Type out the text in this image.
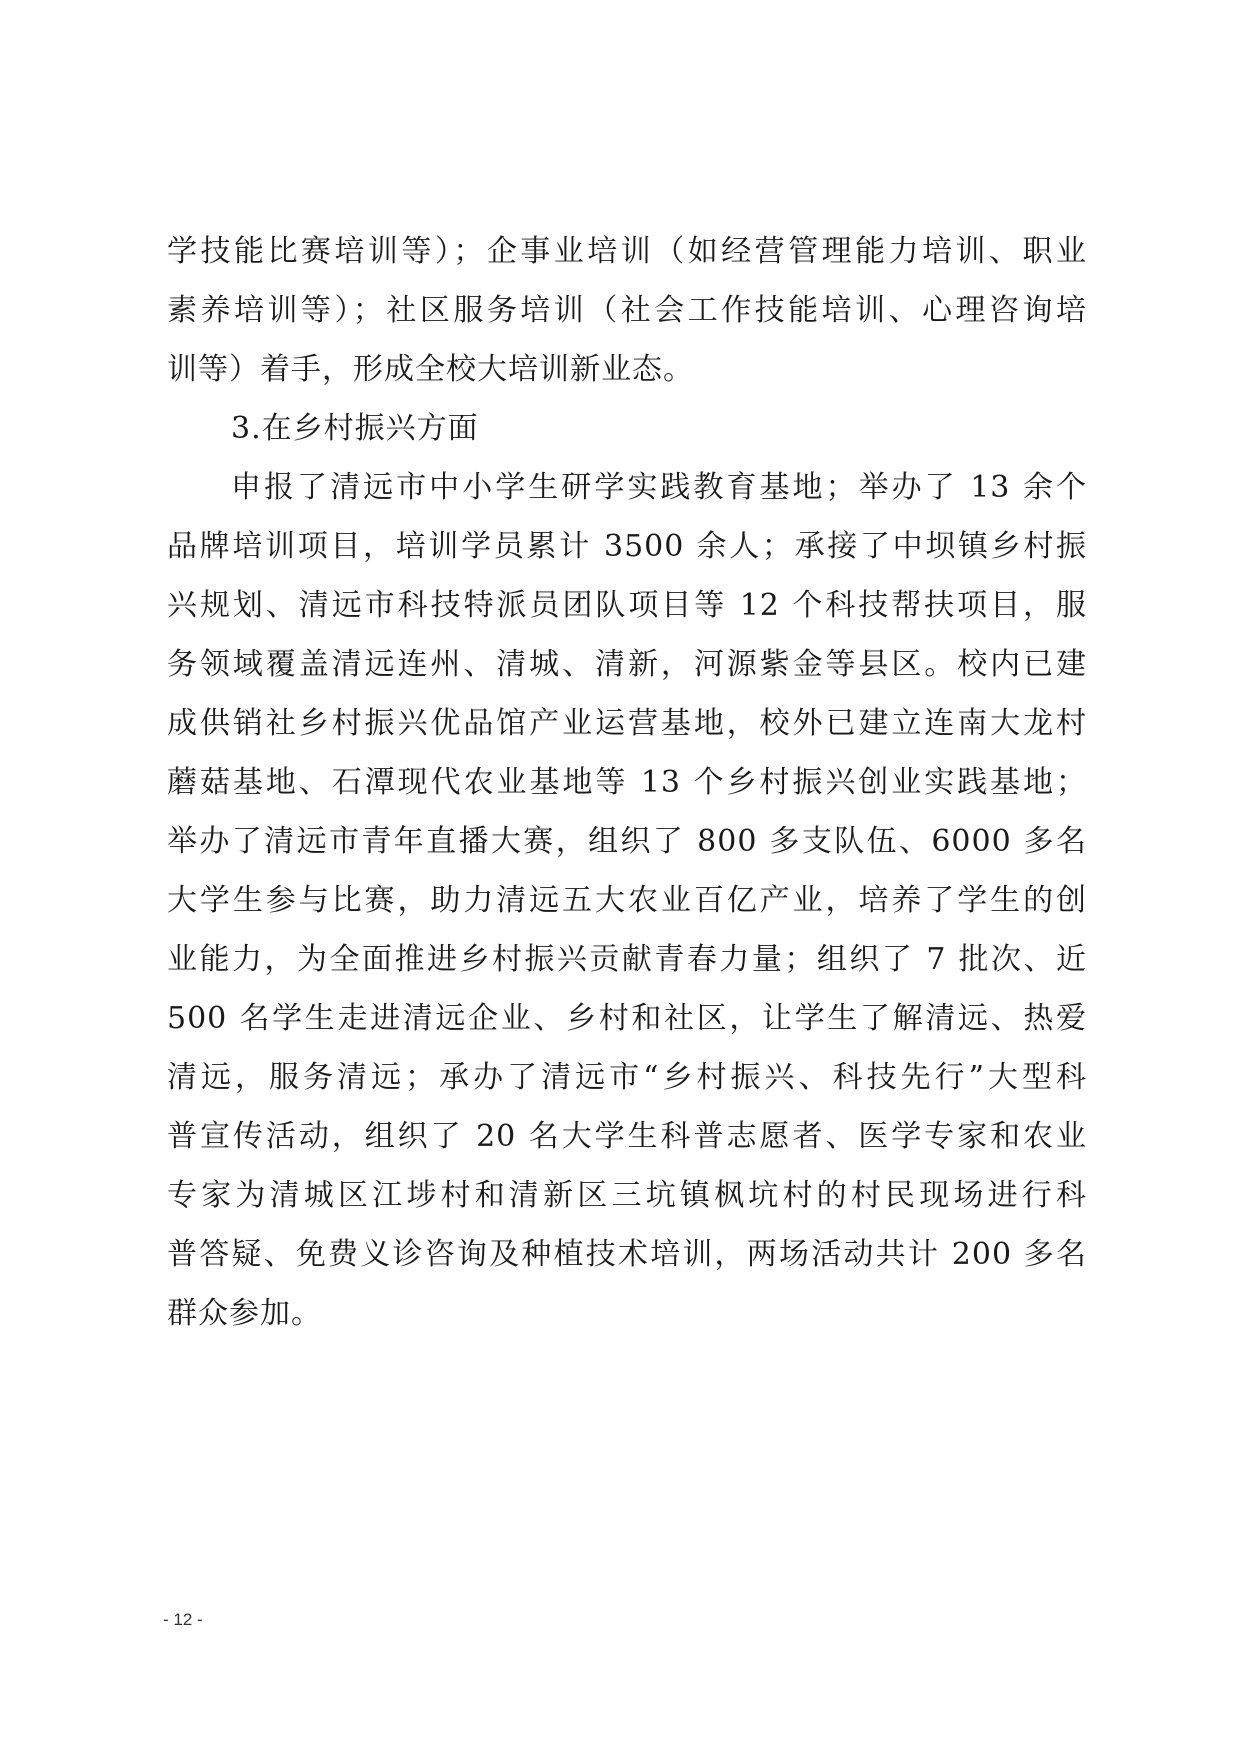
学技能比赛培训等）；企事业培训（如经营管理能力培训、职业
素养培训等）；社区服务培训（社会工作技能培训、心理咨询培
训等）着手，形成全校大培训新业态。
3.在乡村振兴方面
申报了清远市中小学生研学实践教育基地；举办了 13 余个
品牌培训项目，培训学员累计 3500 余人；承接了中坝镇乡村振
兴规划、清远市科技特派员团队项目等 12 个科技帮扶项目，服
务领域覆盖清远连州、清城、清新，河源紫金等县区。校内已建
成供销社乡村振兴优品馆产业运营基地，校外已建立连南大龙村
蘑菇基地、石潭现代农业基地等 13 个乡村振兴创业实践基地；
举办了清远市青年直播大赛，组织了 800 多支队伍、6000 多名
大学生参与比赛，助力清远五大农业百亿产业，培养了学生的创
业能力，为全面推进乡村振兴贡献青春力量；组织了 7 批次、近
500 名学生走进清远企业、乡村和社区，让学生了解清远、热爱
清远，服务清远；承办了清远市“乡村振兴、科技先行”大型科
普宣传活动，组织了 20 名大学生科普志愿者、医学专家和农业
专家为清城区江埗村和清新区三坑镇枫坑村的村民现场进行科
普答疑、免费义诊咨询及种植技术培训，两场活动共计 200 多名
群众参加。
- 12 -
